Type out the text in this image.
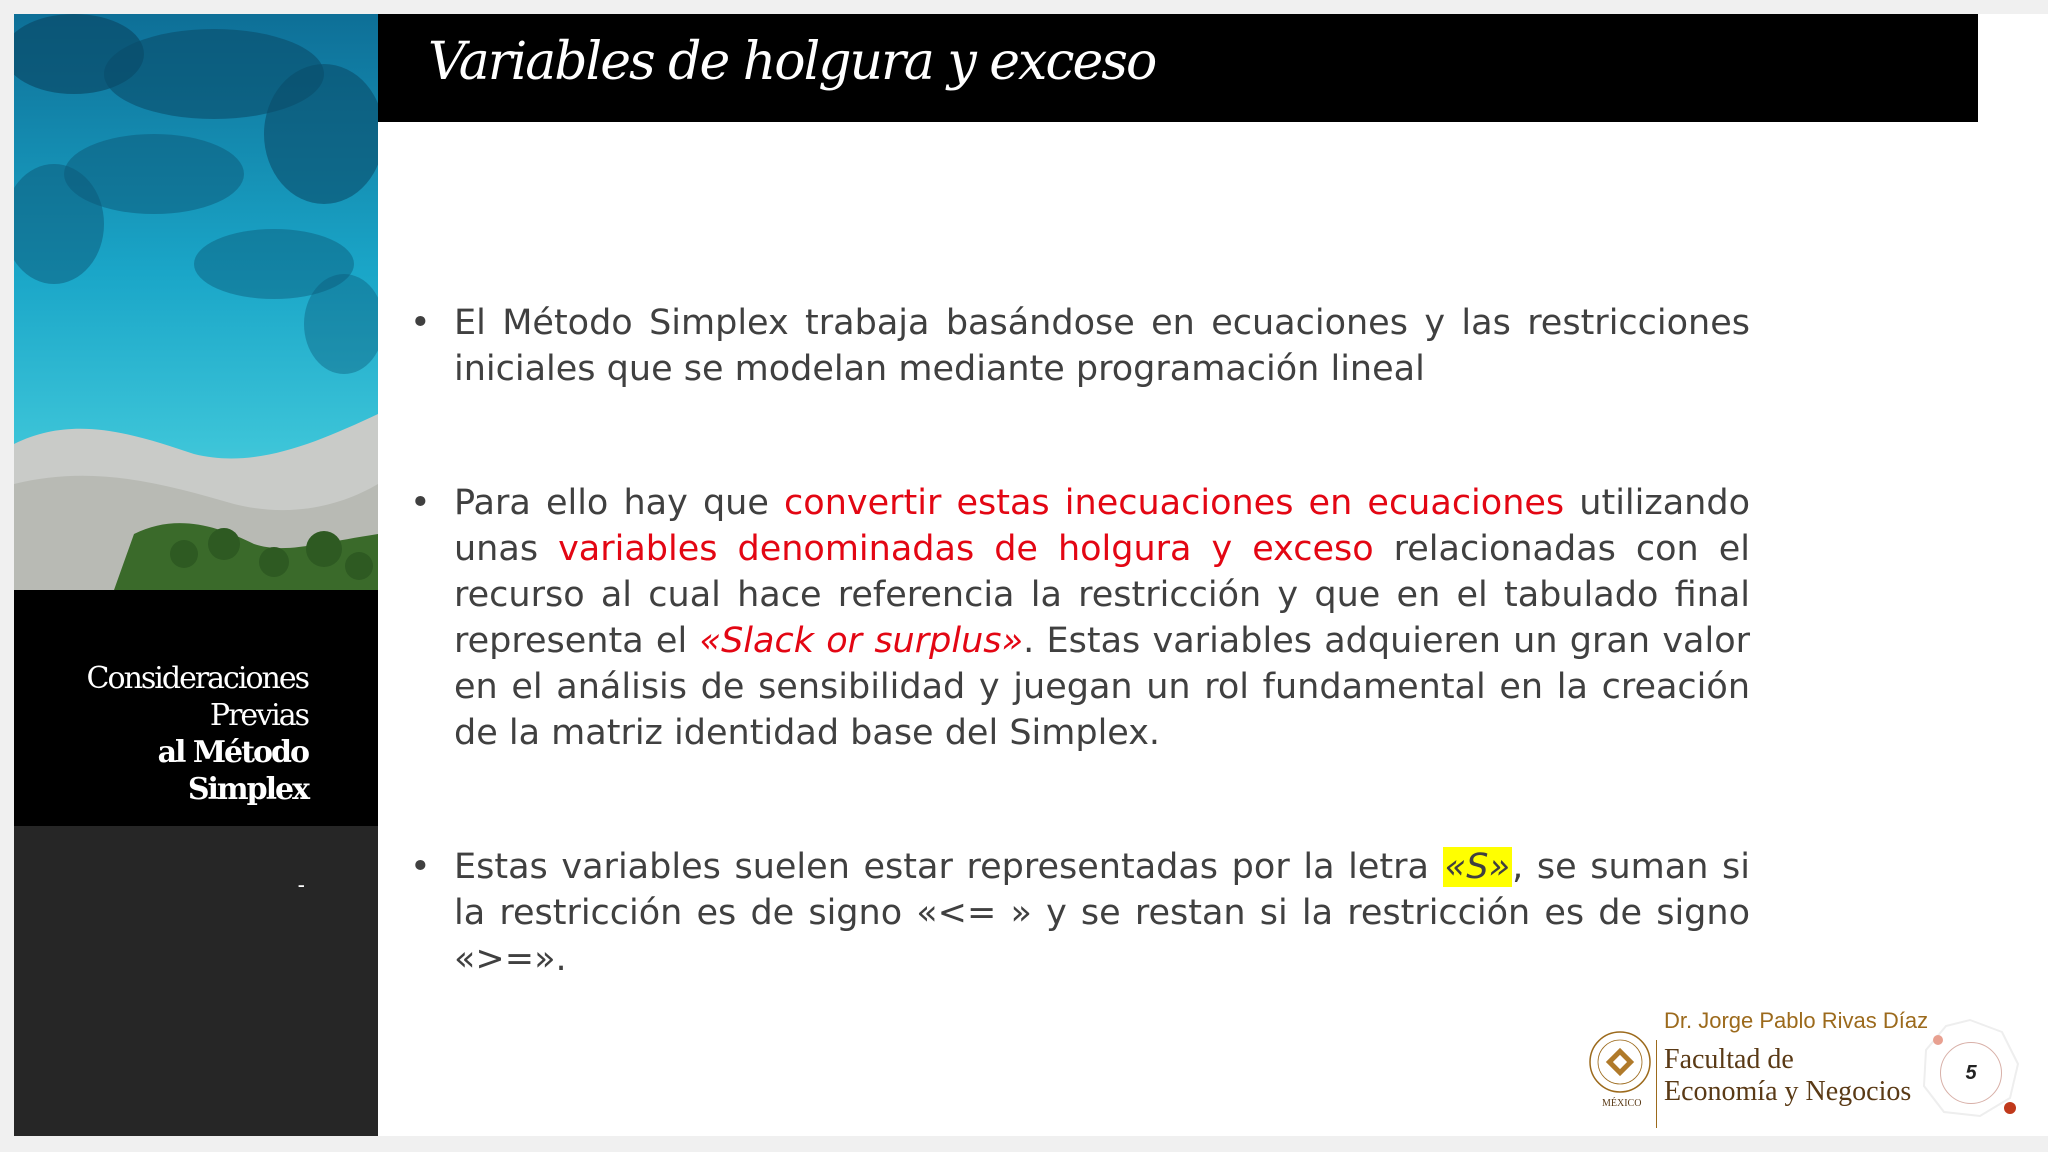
Consideraciones
Previas
al Método
Simplex
-
Variables de holgura y exceso
• El Método Simplex trabaja basándose en ecuaciones y las restricciones iniciales que se modelan mediante programación lineal
• Para ello hay que convertir estas inecuaciones en ecuaciones utilizando unas variables denominadas de holgura y exceso relacionadas con el recurso al cual hace referencia la restricción y que en el tabulado final representa el «Slack or surplus». Estas variables adquieren un gran valor en el análisis de sensibilidad y juegan un rol fundamental en la creación de la matriz identidad base del Simplex.
• Estas variables suelen estar representadas por la letra «S», se suman si la restricción es de signo «<= » y se restan si la restricción es de signo «>=».
Dr. Jorge Pablo Rivas Díaz
MÉXICO
Facultad de
Economía y Negocios
5
